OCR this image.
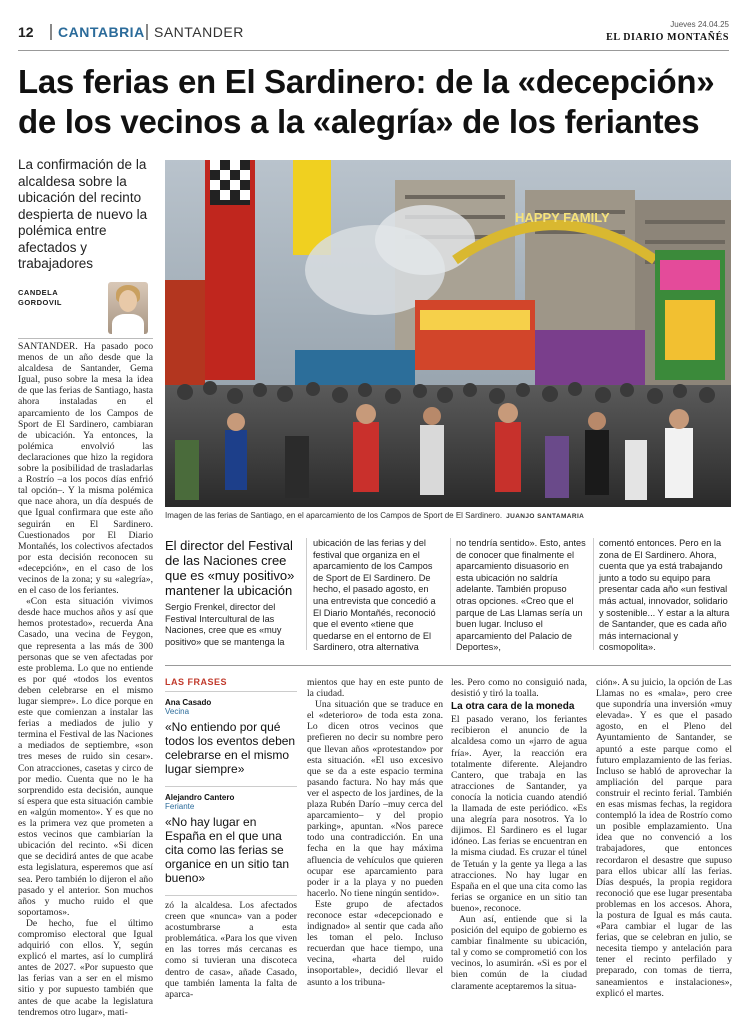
12	CANTABRIA SANTANDER	Jueves 24.04.25
EL DIARIO MONTAÑÉS
Las ferias en El Sardinero: de la «decepción» de los vecinos a la «alegría» de los feriantes
La confirmación de la alcaldesa sobre la ubicación del recinto despierta de nuevo la polémica entre afectados y trabajadores
CANDELA GORDOVIL
HAPPY FAMILY
Imagen de las ferias de Santiago, en el aparcamiento de los Campos de Sport de El Sardinero. JUANJO SANTAMARIA

SANTANDER. Ha pasado poco menos de un año desde que la alcaldesa de Santander, Gema Igual, puso sobre la mesa la idea de que las ferias de Santiago, hasta ahora instaladas en el aparcamiento de los Campos de Sport de El Sardinero, cambiaran de ubicación. Ya entonces, la polémica envolvió las declaraciones que hizo la regidora sobre la posibilidad de trasladarlas a Rostrío –a los pocos días enfrió tal opción–. Y la misma polémica que nace ahora, un día después de que Igual confirmara que este año seguirán en El Sardinero. Cuestionados por El Diario Montañés, los colectivos afectados por esta decisión reconocen su «decepción», en el caso de los vecinos de la zona; y su «alegría», en el caso de los feriantes.

«Con esta situación vivimos desde hace muchos años y así que hemos protestado», recuerda Ana Casado, una vecina de Feygon, que representa a las más de 300 personas que se ven afectadas por este problema. Lo que no entiende es por qué «todos los eventos deben celebrarse en el mismo lugar siempre». Lo dice porque en este que comienzan a instalar las ferias a mediados de julio y termina el Festival de las Naciones a mediados de septiembre, «son tres meses de ruido sin cesar». Con atracciones, casetas y circo de por medio. Cuenta que no le ha sorprendido esta decisión, aunque sí espera que esta situación cambie en «algún momento». Y es que no es la primera vez que prometen a estos vecinos que cambiarían la ubicación del recinto. «Si dicen que se decidirá antes de que acabe esta legislatura, esperemos que así sea. Pero también lo dijeron el año pasado y el anterior. Son muchos años y mucho ruido el que soportamos».

De hecho, fue el último compromiso electoral que Igual adquirió con ellos. Y, según explicó el martes, así lo cumplirá antes de 2027. «Por supuesto que las ferias van a ser en el mismo sitio y por supuesto también que antes de que acabe la legislatura tendremos otro lugar», mati-

El director del Festival de las Naciones cree que es «muy positivo» mantener la ubicación
Sergio Frenkel, director del Festival Intercultural de las Naciones, cree que es «muy positivo» que se mantenga la
ubicación de las ferias y del festival que organiza en el aparcamiento de los Campos de Sport de El Sardinero. De hecho, el pasado agosto, en una entrevista que concedió a El Diario Montañés, reconoció que el evento «tiene que quedarse en el entorno de El Sardinero, otra alternativa
no tendría sentido». Esto, antes de conocer que finalmente el aparcamiento disuasorio en esta ubicación no saldría adelante. También propuso otras opciones. «Creo que el parque de Las Llamas sería un buen lugar. Incluso el aparcamiento del Palacio de Deportes»,
comentó entonces. Pero en la zona de El Sardinero. Ahora, cuenta que ya está trabajando junto a todo su equipo para presentar cada año «un festival más actual, innovador, solidario y sostenible... Y estar a la altura de Santander, que es cada año más internacional y cosmopolita».
LAS FRASES
Ana Casado
Vecina
«No entiendo por qué todos los eventos deben celebrarse en el mismo lugar siempre»
Alejandro Cantero
Feriante
«No hay lugar en España en el que una cita como las ferias se organice en un sitio tan bueno»

zó la alcaldesa. Los afectados creen que «nunca» van a poder acostumbrarse a esta problemática. «Para los que viven en las torres más cercanas es como si tuvieran una discoteca dentro de casa», añade Casado, que también lamenta la falta de aparca-

mientos que hay en este punto de la ciudad.

Una situación que se traduce en el «deterioro» de toda esta zona. Lo dicen otros vecinos que prefieren no decir su nombre pero que llevan años «protestando» por esta situación. «El uso excesivo que se da a este espacio termina pasando factura. No hay más que ver el aspecto de los jardines, de la plaza Rubén Darío –muy cerca del aparcamiento– y del propio parking», apuntan. «Nos parece todo una contradicción. En una fecha en la que hay máxima afluencia de vehículos que quieren ocupar ese aparcamiento para poder ir a la playa y no pueden hacerlo. No tiene ningún sentido».

Este grupo de afectados reconoce estar «decepcionado e indignado» al sentir que cada año les toman el pelo. Incluso recuerdan que hace tiempo, una vecina, «harta del ruido insoportable», decidió llevar el asunto a los tribuna-

les. Pero como no consiguió nada, desistió y tiró la toalla.

La otra cara de la moneda

El pasado verano, los feriantes recibieron el anuncio de la alcaldesa como un «jarro de agua fría». Ayer, la reacción era totalmente diferente. Alejandro Cantero, que trabaja en las atracciones de Santander, ya conocía la noticia cuando atendió la llamada de este periódico. «Es una alegría para nosotros. Ya lo dijimos. El Sardinero es el lugar idóneo. Las ferias se encuentran en la misma ciudad. Es cruzar el túnel de Tetuán y la gente ya llega a las atracciones. No hay lugar en España en el que una cita como las ferias se organice en un sitio tan bueno», reconoce.

Aun así, entiende que si la posición del equipo de gobierno es cambiar finalmente su ubicación, tal y como se comprometió con los vecinos, lo asumirán. «Si es por el bien común de la ciudad claramente aceptaremos la situa-

ción». A su juicio, la opción de Las Llamas no es «mala», pero cree que supondría una inversión «muy elevada». Y es que el pasado agosto, en el Pleno del Ayuntamiento de Santander, se apuntó a este parque como el futuro emplazamiento de las ferias. Incluso se habló de aprovechar la ampliación del parque para construir el recinto ferial. También en esas mismas fechas, la regidora contempló la idea de Rostrío como un posible emplazamiento. Una idea que no convenció a los trabajadores, que entonces recordaron el desastre que supuso para ellos ubicar allí las ferias. Días después, la propia regidora reconoció que ese lugar presentaba problemas en los accesos. Ahora, la postura de Igual es más cauta. «Para cambiar el lugar de las ferias, que se celebran en julio, se necesita tiempo y antelación para tener el recinto perfilado y preparado, con tomas de tierra, saneamientos e instalaciones», explicó el martes.
